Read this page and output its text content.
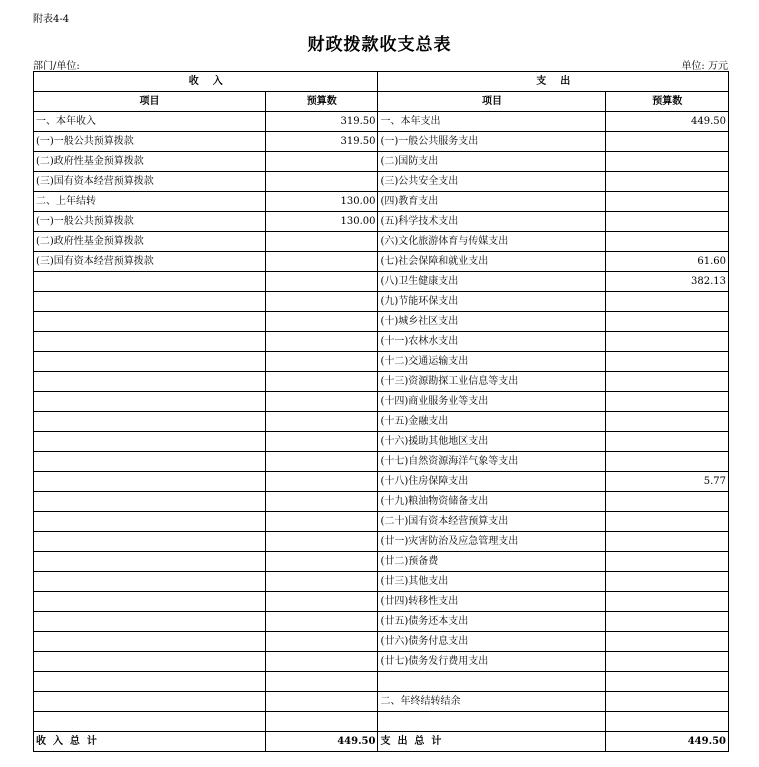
附表4-4
财政拨款收支总表
部门/单位:	单位: 万元
收    入		支    出	
项目	预算数	项目	预算数
一、本年收入	319.50	一、本年支出	449.50
(一)一般公共预算拨款	319.50	(一)一般公共服务支出	
(二)政府性基金预算拨款		(二)国防支出	
(三)国有资本经营预算拨款		(三)公共安全支出	
二、上年结转	130.00	(四)教育支出	
(一)一般公共预算拨款	130.00	(五)科学技术支出	
(二)政府性基金预算拨款		(六)文化旅游体育与传媒支出	
(三)国有资本经营预算拨款		(七)社会保障和就业支出	61.60
		(八)卫生健康支出	382.13
		(九)节能环保支出	
		(十)城乡社区支出	
		(十一)农林水支出	
		(十二)交通运输支出	
		(十三)资源勘探工业信息等支出	
		(十四)商业服务业等支出	
		(十五)金融支出	
		(十六)援助其他地区支出	
		(十七)自然资源海洋气象等支出	
		(十八)住房保障支出	5.77
		(十九)粮油物资储备支出	
		(二十)国有资本经营预算支出	
		(廿一)灾害防治及应急管理支出	
		(廿二)预备费	
		(廿三)其他支出	
		(廿四)转移性支出	
		(廿五)债务还本支出	
		(廿六)债务付息支出	
		(廿七)债务发行费用支出	

		二、年终结转结余	

收  入  总  计	449.50	支  出  总  计	449.50
